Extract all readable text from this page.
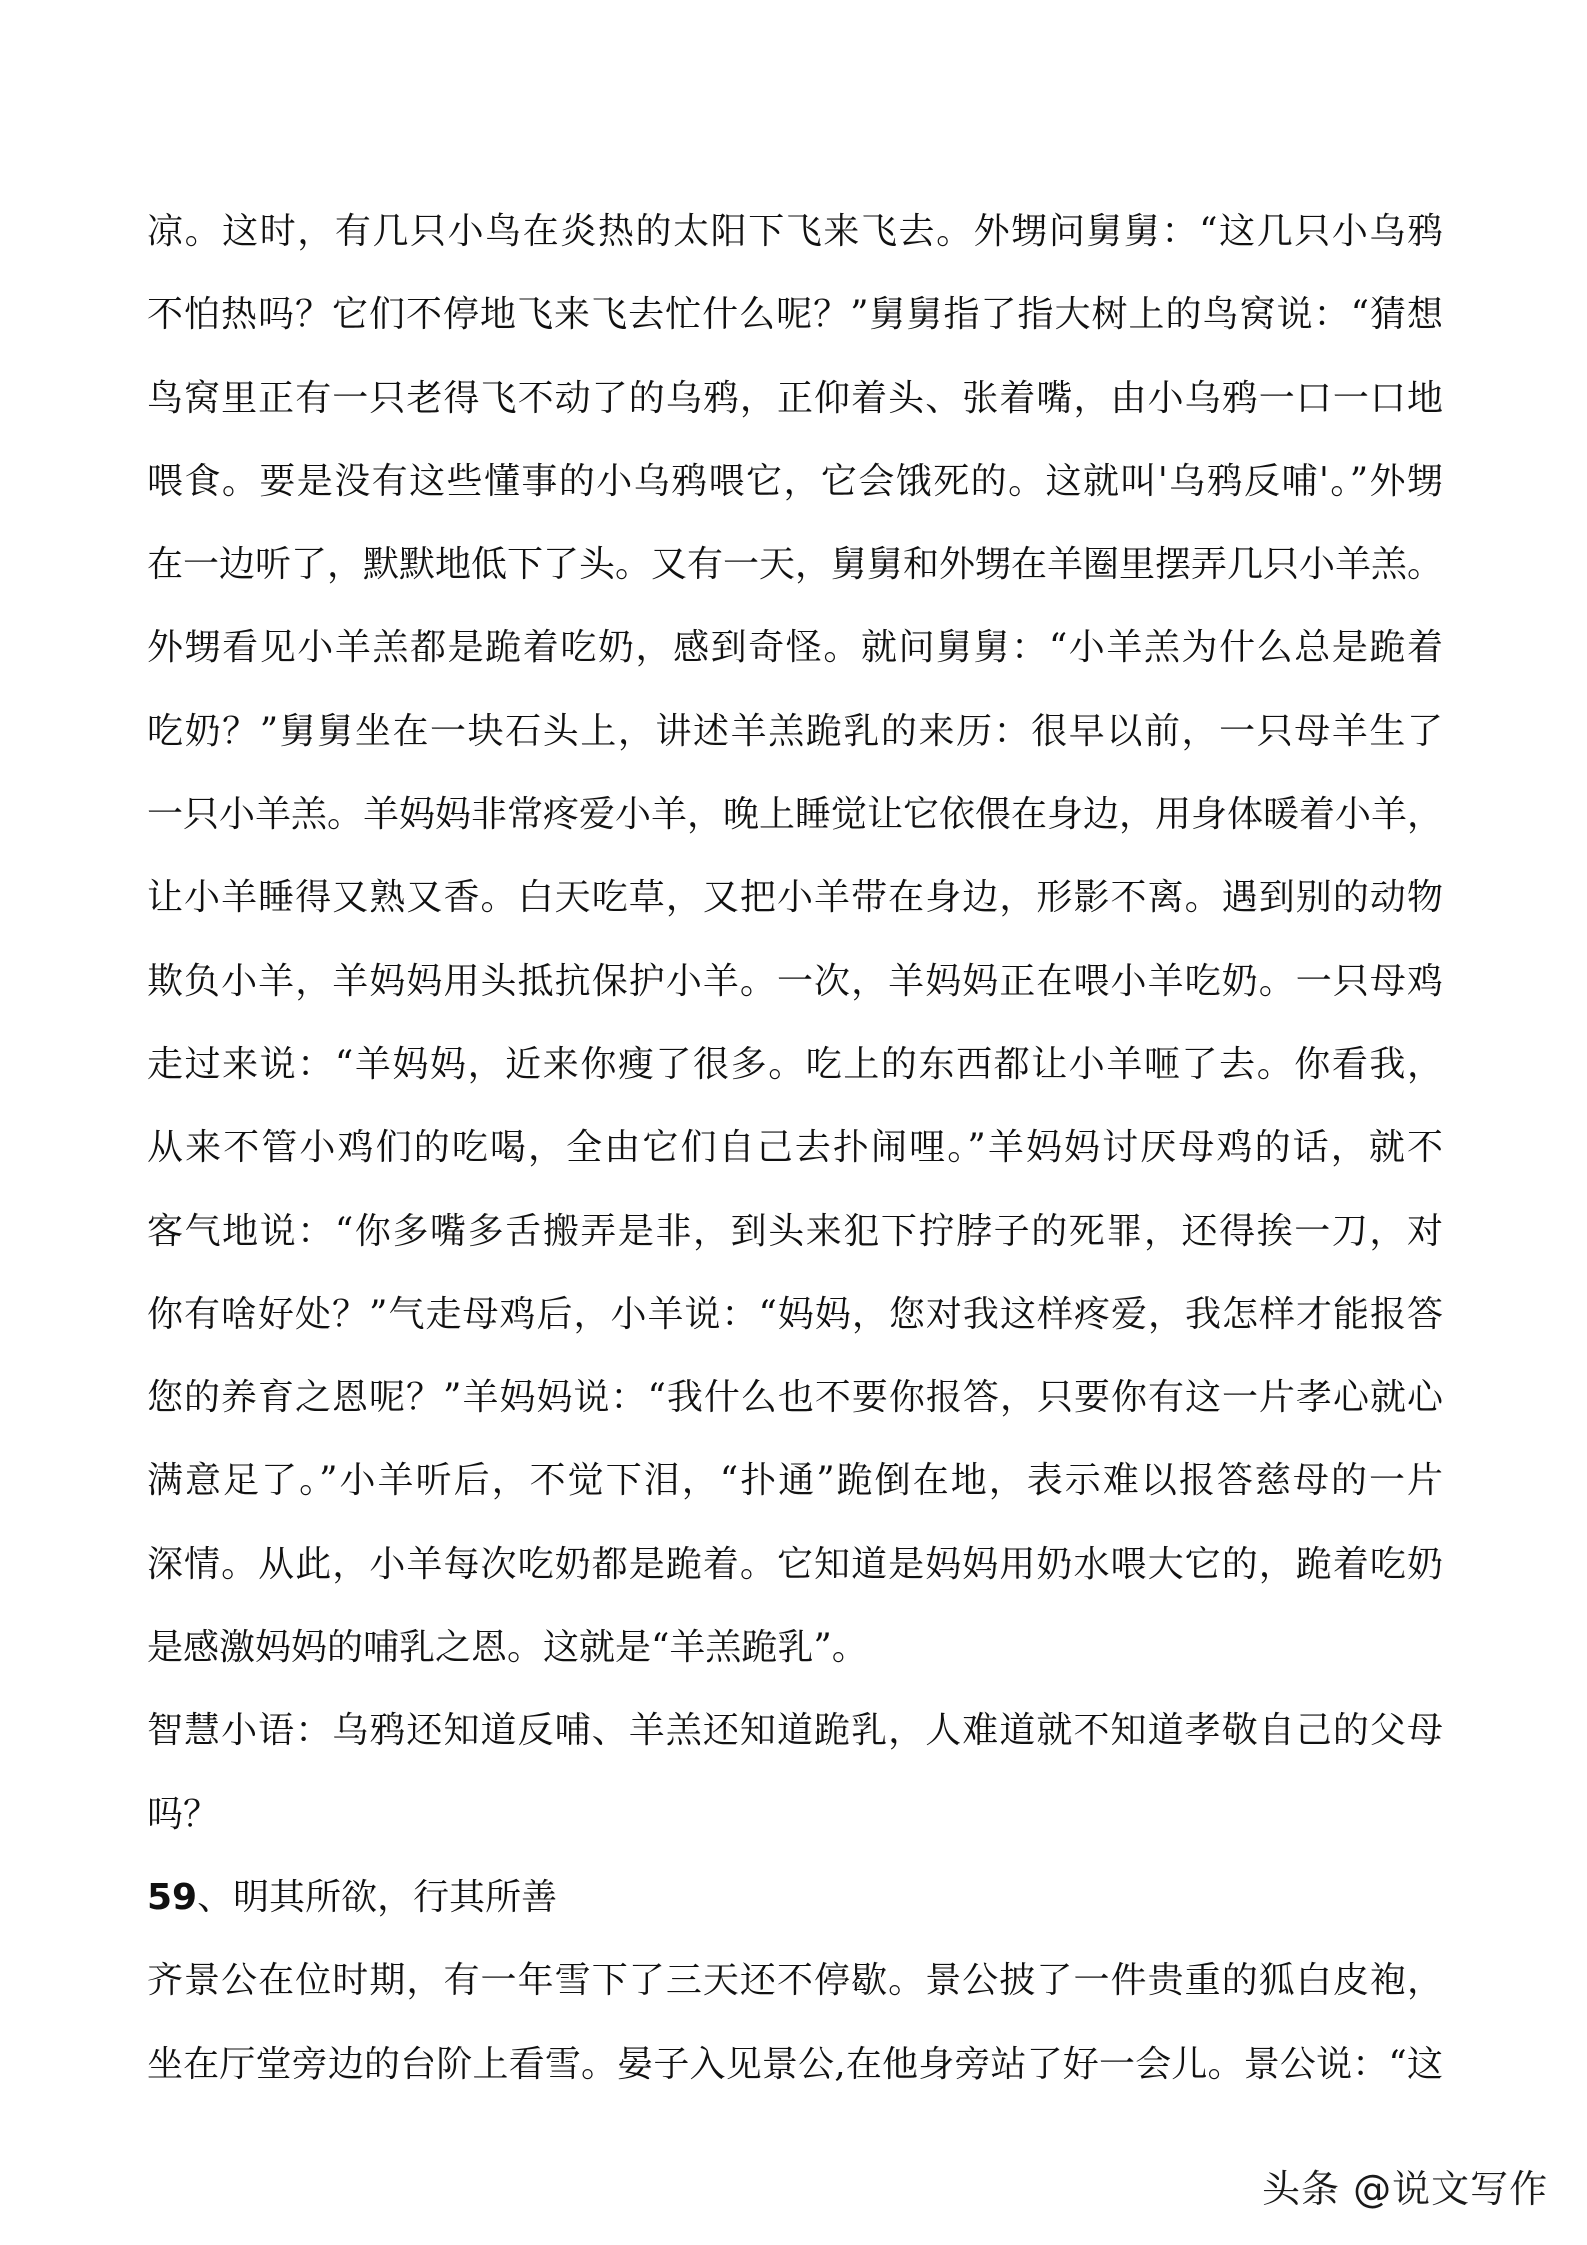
凉。这时，有几只小鸟在炎热的太阳下飞来飞去。外甥问舅舅：“这几只小乌鸦
不怕热吗？它们不停地飞来飞去忙什么呢？”舅舅指了指大树上的鸟窝说：“猜想
鸟窝里正有一只老得飞不动了的乌鸦，正仰着头、张着嘴，由小乌鸦一口一口地
喂食。要是没有这些懂事的小乌鸦喂它，它会饿死的。这就叫'乌鸦反哺'。”外甥
在一边听了，默默地低下了头。又有一天，舅舅和外甥在羊圈里摆弄几只小羊羔。
外甥看见小羊羔都是跪着吃奶，感到奇怪。就问舅舅：“小羊羔为什么总是跪着
吃奶？”舅舅坐在一块石头上，讲述羊羔跪乳的来历：很早以前，一只母羊生了
一只小羊羔。羊妈妈非常疼爱小羊，晚上睡觉让它依偎在身边，用身体暖着小羊，
让小羊睡得又熟又香。白天吃草，又把小羊带在身边，形影不离。遇到别的动物
欺负小羊，羊妈妈用头抵抗保护小羊。一次，羊妈妈正在喂小羊吃奶。一只母鸡
走过来说：“羊妈妈，近来你瘦了很多。吃上的东西都让小羊咂了去。你看我，
从来不管小鸡们的吃喝，全由它们自己去扑闹哩。”羊妈妈讨厌母鸡的话，就不
客气地说：“你多嘴多舌搬弄是非，到头来犯下拧脖子的死罪，还得挨一刀，对
你有啥好处？”气走母鸡后，小羊说：“妈妈，您对我这样疼爱，我怎样才能报答
您的养育之恩呢？”羊妈妈说：“我什么也不要你报答，只要你有这一片孝心就心
满意足了。”小羊听后，不觉下泪，“扑通”跪倒在地，表示难以报答慈母的一片
深情。从此，小羊每次吃奶都是跪着。它知道是妈妈用奶水喂大它的，跪着吃奶
是感激妈妈的哺乳之恩。这就是“羊羔跪乳”。
智慧小语：乌鸦还知道反哺、羊羔还知道跪乳，人难道就不知道孝敬自己的父母
吗？
59、明其所欲，行其所善
齐景公在位时期，有一年雪下了三天还不停歇。景公披了一件贵重的狐白皮袍，
坐在厅堂旁边的台阶上看雪。晏子入见景公,在他身旁站了好一会儿。景公说：“这
头条 @说文写作
